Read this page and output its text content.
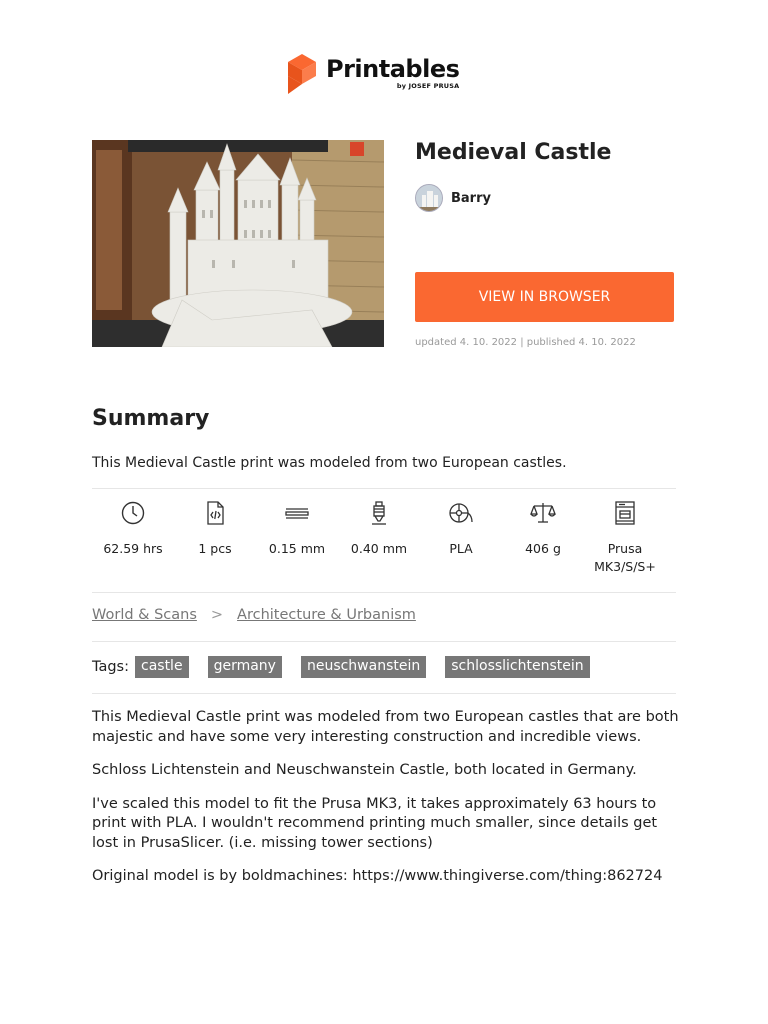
Printables
by JOSEF PRUSA
Medieval Castle
Barry
VIEW IN BROWSER
updated 4. 10. 2022 | published 4. 10. 2022
Summary

This Medieval Castle print was modeled from two European castles.

62.59 hrs	1 pcs	0.15 mm 0.40 mm	PLA	406 g	Prusa MK3/S/S+
World & Scans > Architecture & Urbanism
Tags: castle	germany	neuschwanstein	schlosslichtenstein

This Medieval Castle print was modeled from two European castles that are both majestic and have some very interesting construction and incredible views.

Schloss Lichtenstein and Neuschwanstein Castle, both located in Germany.

I've scaled this model to fit the Prusa MK3, it takes approximately 63 hours to print with PLA. I wouldn't recommend printing much smaller, since details get lost in PrusaSlicer. (i.e. missing tower sections)

Original model is by boldmachines: https://www.thingiverse.com/thing:862724
